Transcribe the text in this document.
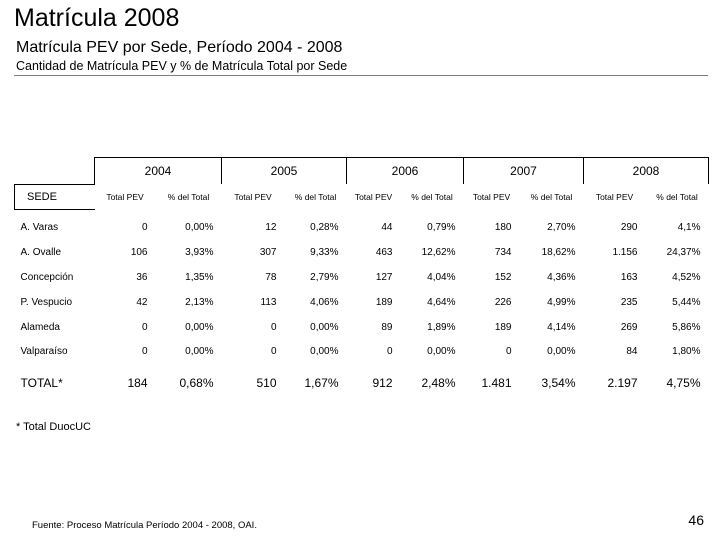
Matrícula 2008
Matrícula PEV por Sede, Período 2004 - 2008
Cantidad de Matrícula PEV y % de Matrícula Total por Sede
	2004		2005		2006		2007		2008	
SEDE	Total PEV	% del Total	Total PEV	% del Total	Total PEV	% del Total	Total PEV	% del Total	Total PEV	% del Total

A. Varas	0	0,00%	12	0,28%	44	0,79%	180	2,70%	290	4,1%
A. Ovalle	106	3,93%	307	9,33%	463	12,62%	734	18,62%	1.156	24,37%
Concepción	36	1,35%	78	2,79%	127	4,04%	152	4,36%	163	4,52%
P. Vespucio	42	2,13%	113	4,06%	189	4,64%	226	4,99%	235	5,44%
Alameda	0	0,00%	0	0,00%	89	1,89%	189	4,14%	269	5,86%
Valparaíso	0	0,00%	0	0,00%	0	0,00%	0	0,00%	84	1,80%

TOTAL*	184	0,68%	510	1,67%	912	2,48%	1.481	3,54%	2.197	4,75%
* Total DuocUC
Fuente: Proceso Matrícula Período 2004 - 2008, OAI.	46
